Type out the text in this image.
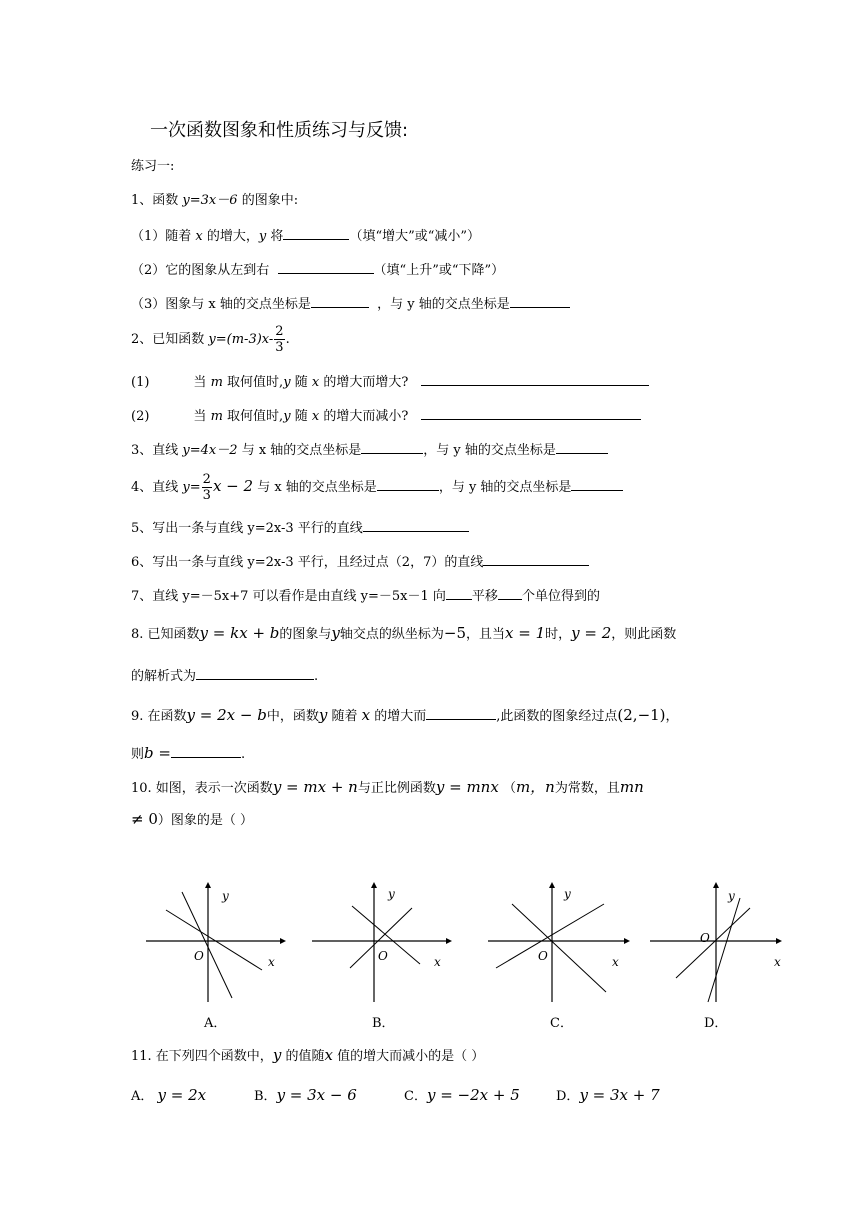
一次函数图象和性质练习与反馈:
练习一:
1、函数 y=3x－6 的图象中:
（1）随着 x 的增大，y 将	（填“增大”或“减小”）
（2）它的图象从左到右	（填“上升”或“下降”）
（3）图象与 x 轴的交点坐标是	，与 y 轴的交点坐标是
2、已知函数 $y=(m-3)x- \frac{2}{3}$ .
(1)	当 m 取何值时,y 随 x 的增大而增大?
(2)	当 m 取何值时,y 随 x 的增大而减小?
3、直线 y=4x－2 与 x 轴的交点坐标是	，与 y 轴的交点坐标是
4、直线 $y= \frac{2}{3}$ x − 2 与 x 轴的交点坐标是	，与 y 轴的交点坐标是
5、写出一条与直线 y=2x-3 平行的直线
6、写出一条与直线 y=2x-3 平行，且经过点（2，7）的直线
7、直线 y=－5x+7 可以看作是由直线 y=－5x－1 向 平移 个单位得到的
8. 已知函数y = kx + b的图象与y轴交点的纵坐标为−5，且当x = 1时，y = 2，则此函数
的解析式为	.
9. 在函数y = 2x − b中，函数y 随着 x 的增大而	,此函数的图象经过点(2,−1)，
则b =	.
10. 如图，表示一次函数y = mx + n与正比例函数y = mnx （m，n为常数，且mn
≠ 0）图象的是（ ）
y
O	x
A．
y
O	x
B．
y
O	x
C．
y
O
x
D．
11. 在下列四个函数中，y 的值随x 值的增大而减小的是（ ）
A． y = 2x	B．y = 3x − 6	C．y = −2x + 5	D．y = 3x + 7
